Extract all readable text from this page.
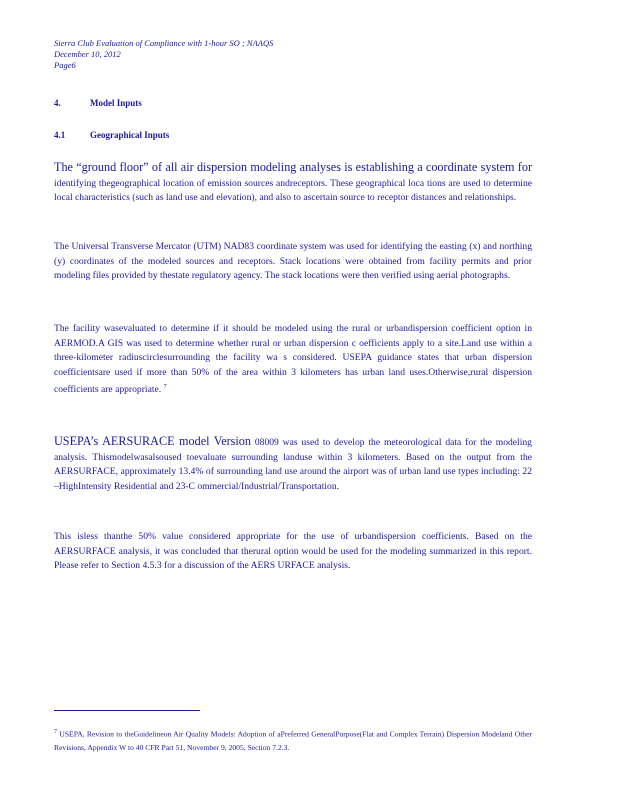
Sierra Club Evaluation of Compliance with 1-hour SO ; NAAQS
December 10, 2012
Page6
4.	Model Inputs
4.1	Geographical Inputs
The “ground floor” of all air dispersion modeling analyses is establishing a coordinate system for identifying thegeographical location of emission sources andreceptors. These geographical loca tions are used to determine local characteristics (such as land use and elevation), and also to ascertain source to receptor distances and relationships.
The Universal Transverse Mercator (UTM) NAD83 coordinate system was used for identifying the easting (x) and northing (y) coordinates of the modeled sources and receptors. Stack locations were obtained from facility permits and prior modeling files provided by thestate regulatory agency. The stack locations were then verified using aerial photographs.
The facility wasevaluated to determine if it should be modeled using the rural or urbandispersion coefficient option in AERMOD.A GIS was used to determine whether rural or urban dispersion c oefficients apply to a site.Land use within a three-kilometer radiuscirclesurrounding the facility wa s considered. USEPA guidance states that urban dispersion coefficientsare used if more than 50% of the area within 3 kilometers has urban land uses.Otherwise,rural dispersion coefficients are appropriate. $^7$
USEPA’s AERSURACE model Version 08009 was used to develop the meteorological data for the modeling analysis. Thismodelwasalsoused toevaluate surrounding landuse within 3 kilometers. Based on the output from the AERSURFACE, approximately 13.4% of surrounding land use around the airport was of urban land use types including: 22 –HighIntensity Residential and 23-C ommercial/Industrial/Transportation.
This isless thanthe 50% value considered appropriate for the use of urbandispersion coefficients. Based on the AERSURFACE analysis, it was concluded that therural option would be used for the modeling summarized in this report. Please refer to Section 4.5.3 for a discussion of the AERS URFACE analysis.
$^7$ USEPA, Revision to theGuidelineon Air Quality Models: Adoption of aPreferred GeneralPurpose(Flat and Complex Terrain) Dispersion Modeland Other Revisions, Appendix W to 40 CFR Part 51, November 9, 2005, Section 7.2.3.
